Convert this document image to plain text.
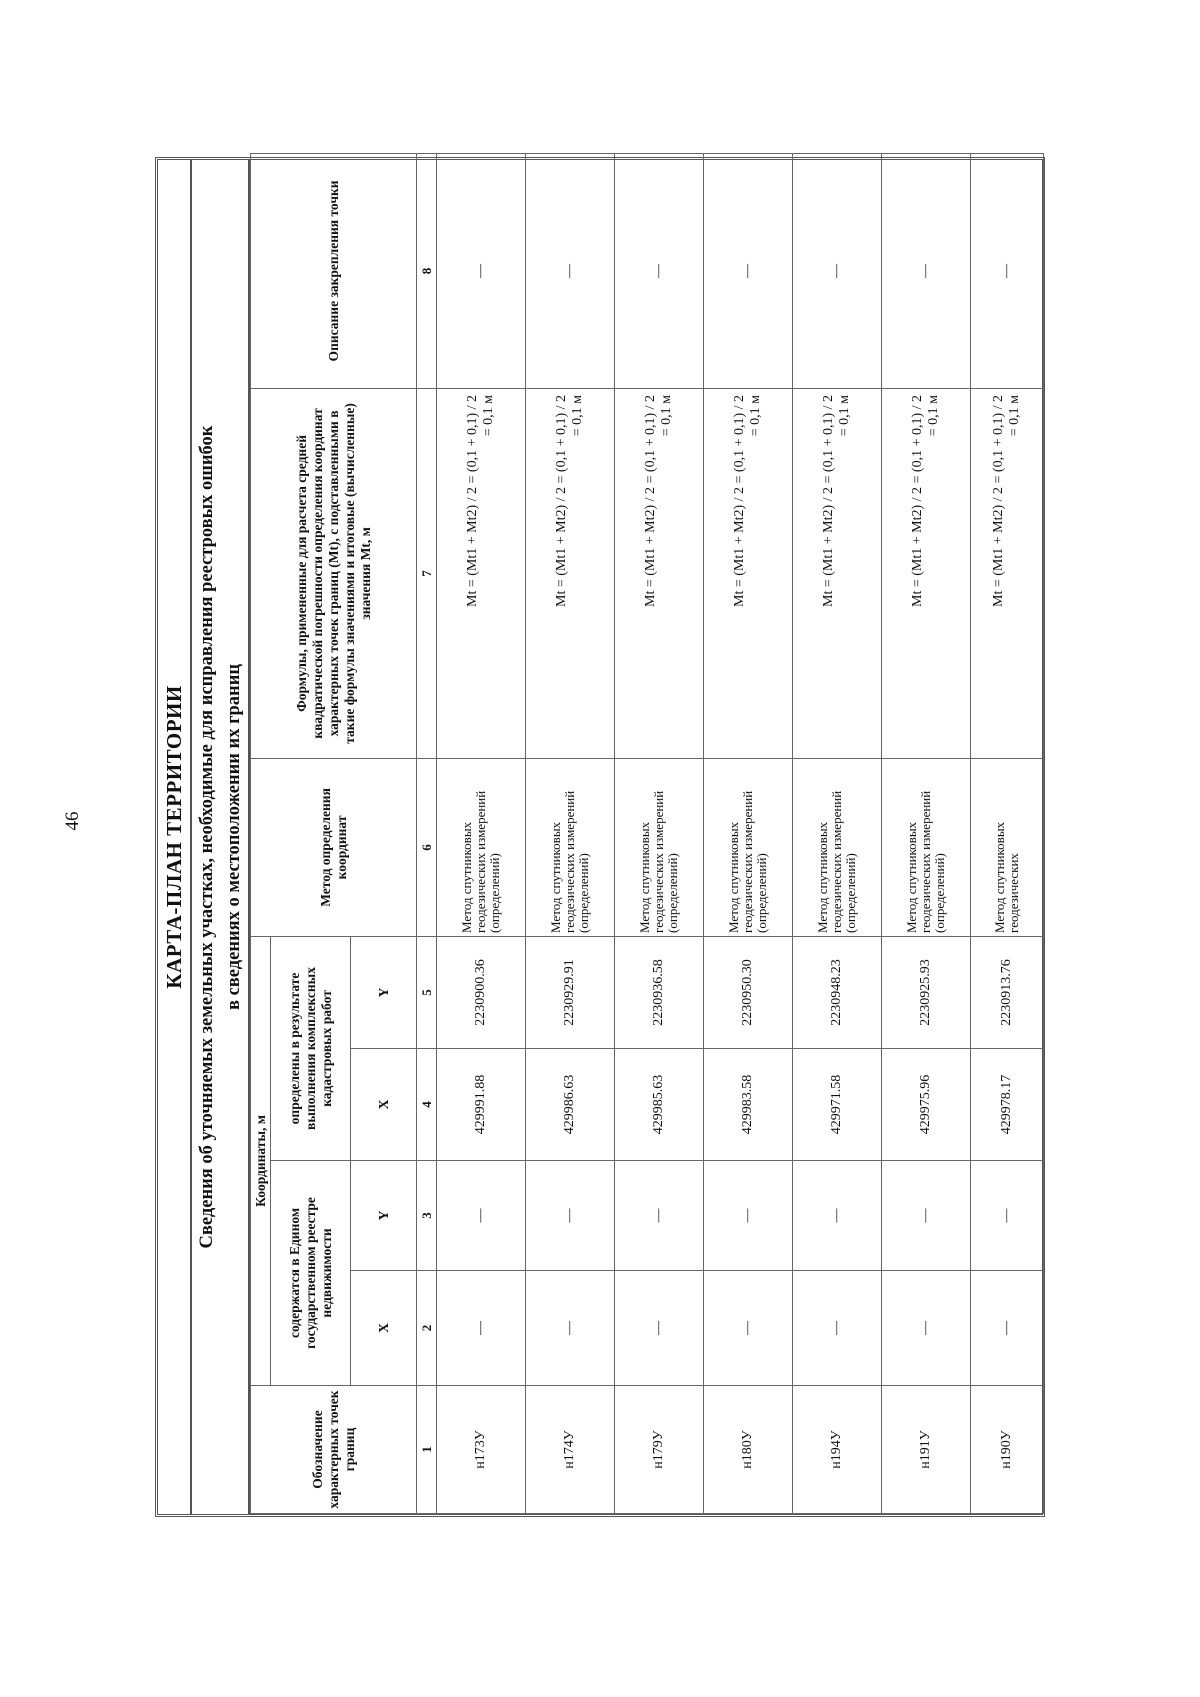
46	КАРТА-ПЛАН ТЕРРИТОРИИ Сведения об уточняемых земельных участках, необходимые для исправления реестровых ошибок в сведениях о местоположении их границ
Обозначение характерных точек границ	Координаты, м				Метод определения координат	Формулы, примененные для расчета средней квадратической погрешности определения координат характерных точек границ (Mt), с подставленными в такие формулы значениями и итоговые (вычисленные) значения Mt, м	Описание закрепления точки
	содержатся в Едином государственном реестре недвижимости		определены в результате выполнения комплексных кадастровых работ				
	X	Y	X	Y			
1	2	3	4	5	6	7	8
н173У	—	—	429991.88	2230900.36	Метод спутниковых геодезических измерений (определений)	Mt = (Mt1 + Mt2) / 2 = (0,1 + 0,1) / 2 = 0,1 м	—
н174У	—	—	429986.63	2230929.91	Метод спутниковых геодезических измерений (определений)	Mt = (Mt1 + Mt2) / 2 = (0,1 + 0,1) / 2 = 0,1 м	—
н179У	—	—	429985.63	2230936.58	Метод спутниковых геодезических измерений (определений)	Mt = (Mt1 + Mt2) / 2 = (0,1 + 0,1) / 2 = 0,1 м	—
н180У	—	—	429983.58	2230950.30	Метод спутниковых геодезических измерений (определений)	Mt = (Mt1 + Mt2) / 2 = (0,1 + 0,1) / 2 = 0,1 м	—
н194У	—	—	429971.58	2230948.23	Метод спутниковых геодезических измерений (определений)	Mt = (Mt1 + Mt2) / 2 = (0,1 + 0,1) / 2 = 0,1 м	—
н191У	—	—	429975.96	2230925.93	Метод спутниковых геодезических измерений (определений)	Mt = (Mt1 + Mt2) / 2 = (0,1 + 0,1) / 2 = 0,1 м	—
н190У	—	—	429978.17	2230913.76	Метод спутниковых геодезических	Mt = (Mt1 + Mt2) / 2 = (0,1 + 0,1) / 2 = 0,1 м	—
